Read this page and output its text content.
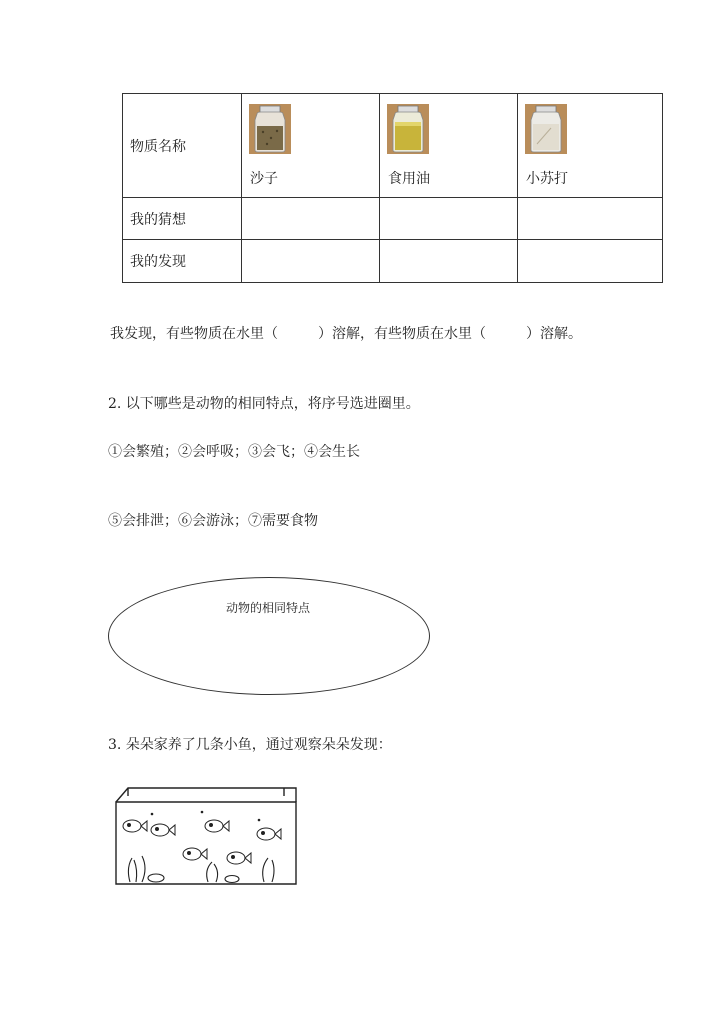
物质名称	沙子	食用油	小苏打

我的猜想			
我的发现			
我发现，有些物质在水里（	）溶解，有些物质在水里（	）溶解。
2. 以下哪些是动物的相同特点，将序号选进圈里。
①会繁殖；②会呼吸；③会飞；④会生长
⑤会排泄；⑥会游泳；⑦需要食物
动物的相同特点
3. 朵朵家养了几条小鱼，通过观察朵朵发现：
